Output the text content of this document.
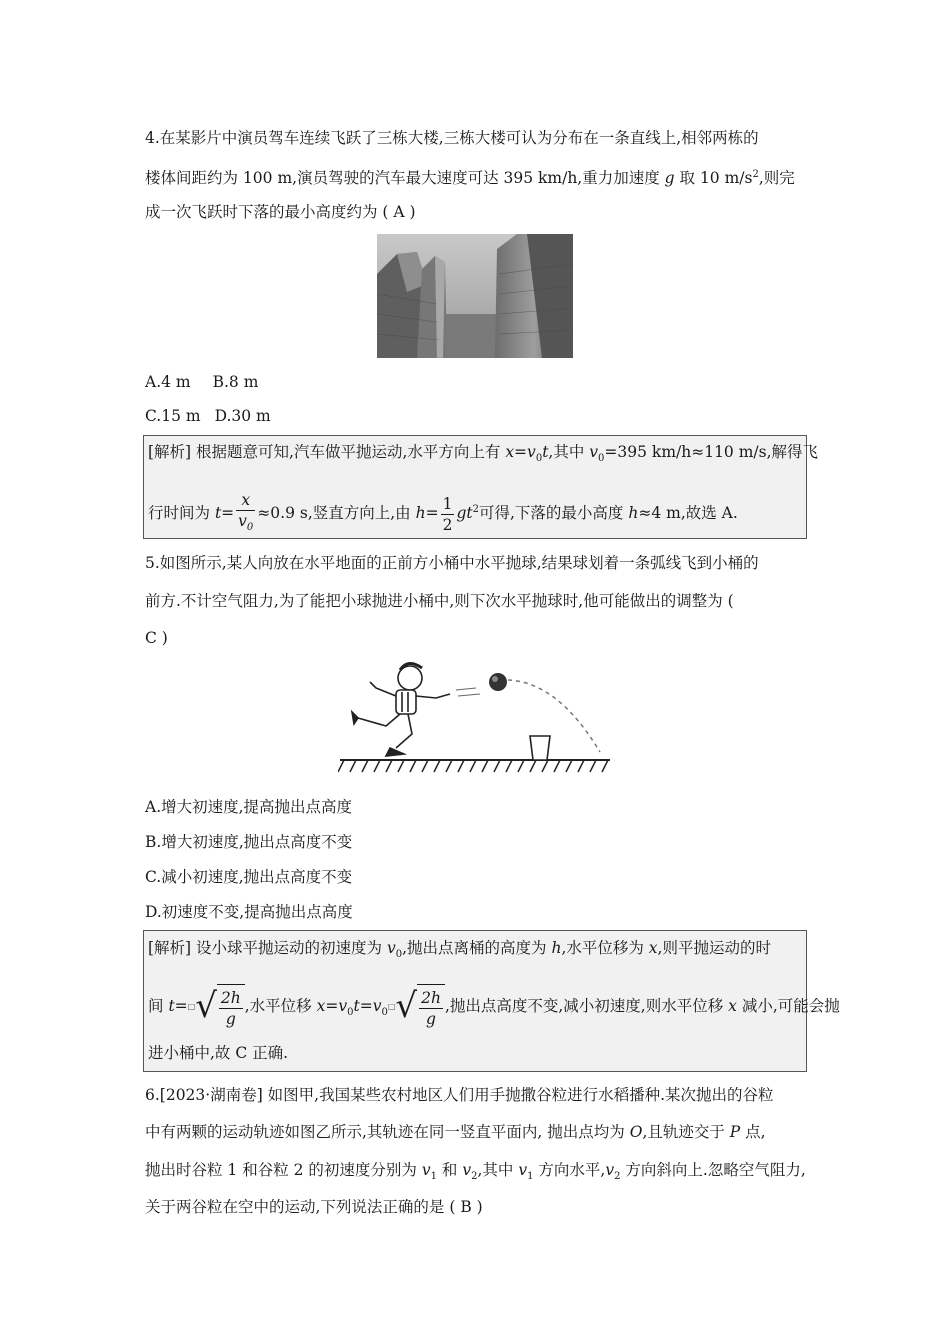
4.在某影片中演员驾车连续飞跃了三栋大楼,三栋大楼可认为分布在一条直线上,相邻两栋的
楼体间距约为 100 m,演员驾驶的汽车最大速度可达 395 km/h,重力加速度 g 取 10 $m/s^2$,则完
成一次飞跃时下落的最小高度约为 ( A )
A.4 m B.8 m
C.15 m D.30 m
[解析] 根据题意可知,汽车做平抛运动,水平方向上有 $x=v_0t$,其中 $v_0=395$ km/h≈110 m/s,解得飞
行时间为 $t= \frac{x}{v_0} \approx 0.9$ s,竖直方向上,由 $h= \frac{1}{2} gt^2$可得,下落的最小高度 h≈4 m,故选 A.
5.如图所示,某人向放在水平地面的正前方小桶中水平抛球,结果球划着一条弧线飞到小桶的
前方.不计空气阻力,为了能把小球抛进小桶中,则下次水平抛球时,他可能做出的调整为 (
C )
A.增大初速度,提高抛出点高度
B.增大初速度,抛出点高度不变
C.减小初速度,抛出点高度不变
D.初速度不变,提高抛出点高度
[解析] 设小球平抛运动的初速度为 $v_0$,抛出点离桶的高度为 h,水平位移为 x,则平抛运动的时
间 t= □ √ $\frac{2h}{g}$ ,水平位移 $x=v_0t=v_0$
□ √ $\frac{2h}{g}$ ,抛出点高度不变,减小初速度,则水平位移 x 减小,可能会抛
进小桶中,故 C 正确.
6.[2023·湖南卷] 如图甲,我国某些农村地区人们用手抛撒谷粒进行水稻播种.某次抛出的谷粒
中有两颗的运动轨迹如图乙所示,其轨迹在同一竖直平面内, 抛出点均为 O,且轨迹交于 P 点,
抛出时谷粒 1 和谷粒 2 的初速度分别为 $v_1$ 和 $v_2$,其中 $v_1$ 方向水平$,v_2$ 方向斜向上.忽略空气阻力,
关于两谷粒在空中的运动,下列说法正确的是 ( B )
